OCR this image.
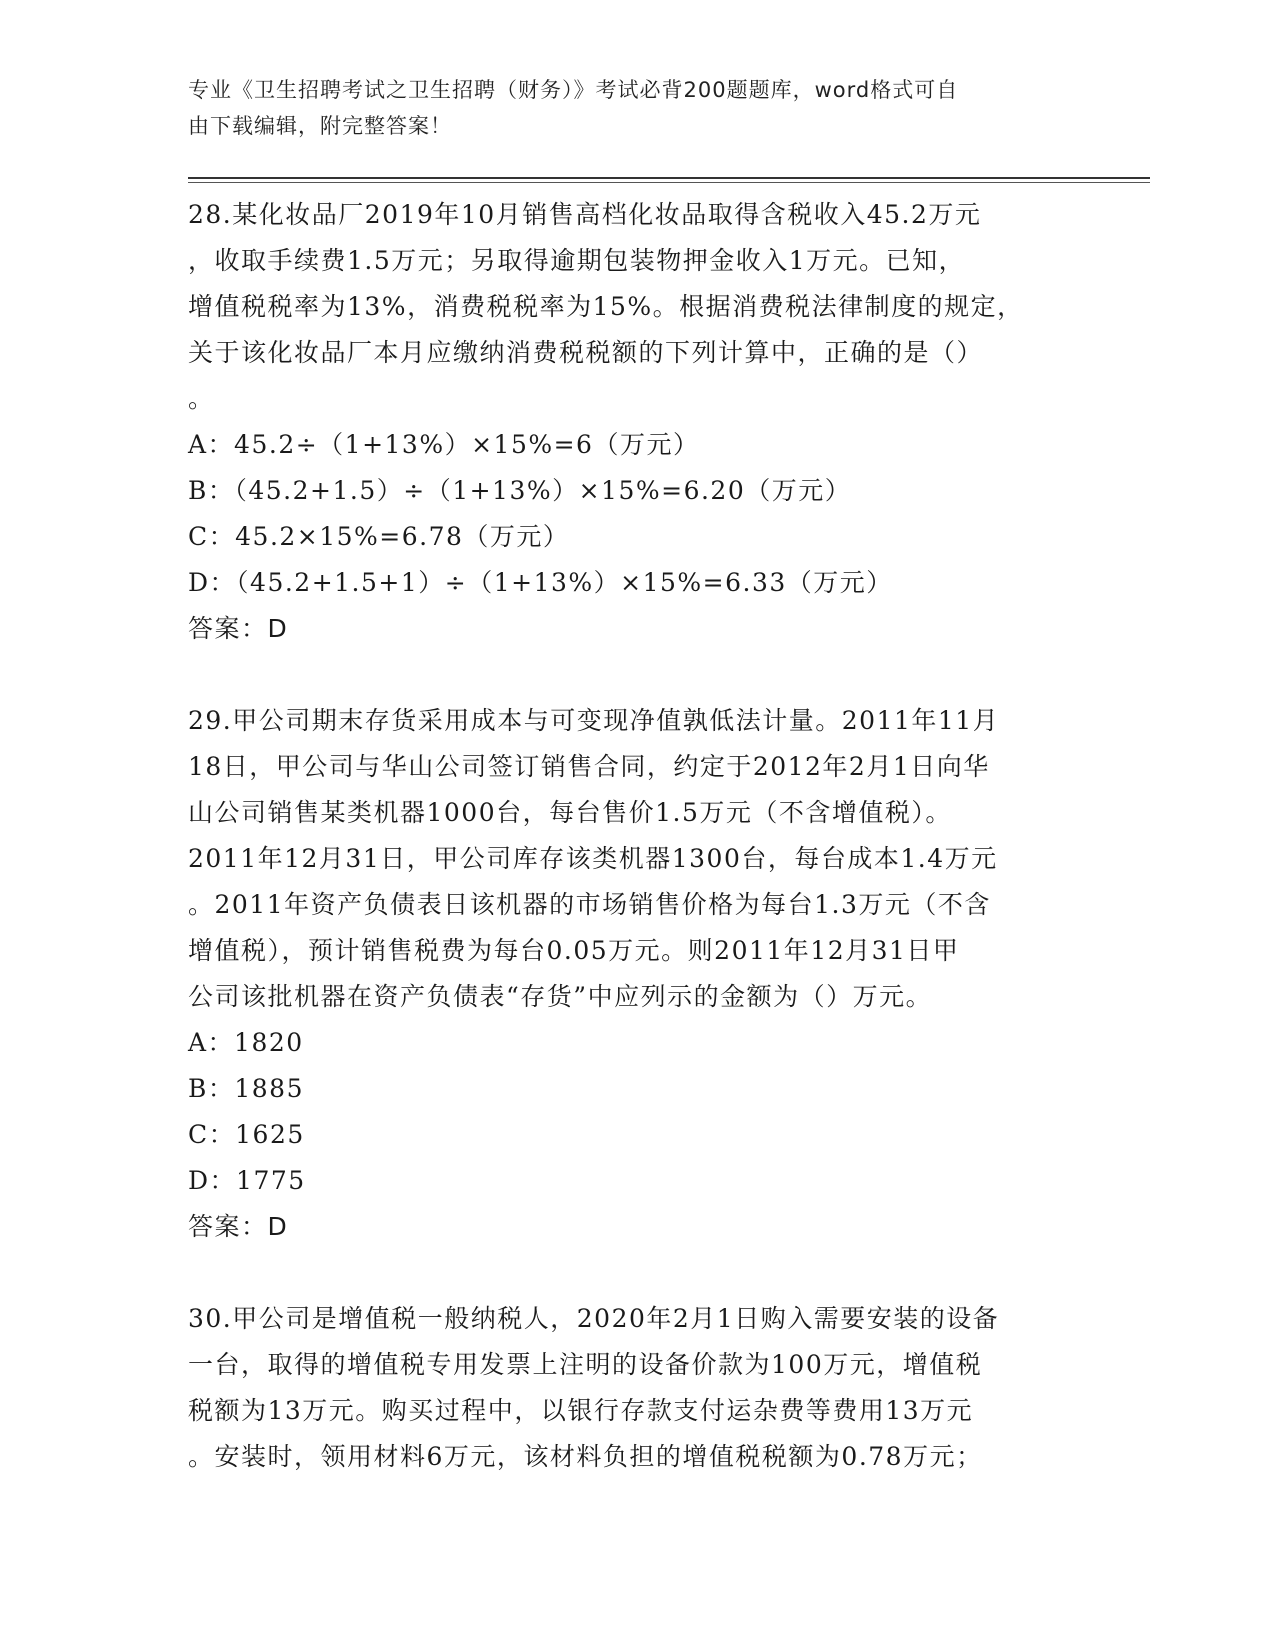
专业《卫生招聘考试之卫生招聘（财务）》考试必背200题题库，word格式可自
由下载编辑，附完整答案！
28.某化妆品厂2019年10月销售高档化妆品取得含税收入45.2万元
，收取手续费1.5万元；另取得逾期包装物押金收入1万元。已知，
增值税税率为13%，消费税税率为15%。根据消费税法律制度的规定，
关于该化妆品厂本月应缴纳消费税税额的下列计算中，正确的是（）
。
A：45.2÷（1+13%）×15%=6（万元）
B：（45.2+1.5）÷（1+13%）×15%=6.20（万元）
C：45.2×15%=6.78（万元）
D：（45.2+1.5+1）÷（1+13%）×15%=6.33（万元）
答案：D
29.甲公司期末存货采用成本与可变现净值孰低法计量。2011年11月
18日，甲公司与华山公司签订销售合同，约定于2012年2月1日向华
山公司销售某类机器1000台，每台售价1.5万元（不含增值税）。
2011年12月31日，甲公司库存该类机器1300台，每台成本1.4万元
。2011年资产负债表日该机器的市场销售价格为每台1.3万元（不含
增值税），预计销售税费为每台0.05万元。则2011年12月31日甲
公司该批机器在资产负债表“存货”中应列示的金额为（）万元。
A：1820
B：1885
C：1625
D：1775
答案：D
30.甲公司是增值税一般纳税人，2020年2月1日购入需要安装的设备
一台，取得的增值税专用发票上注明的设备价款为100万元，增值税
税额为13万元。购买过程中，以银行存款支付运杂费等费用13万元
。安装时，领用材料6万元，该材料负担的增值税税额为0.78万元；
